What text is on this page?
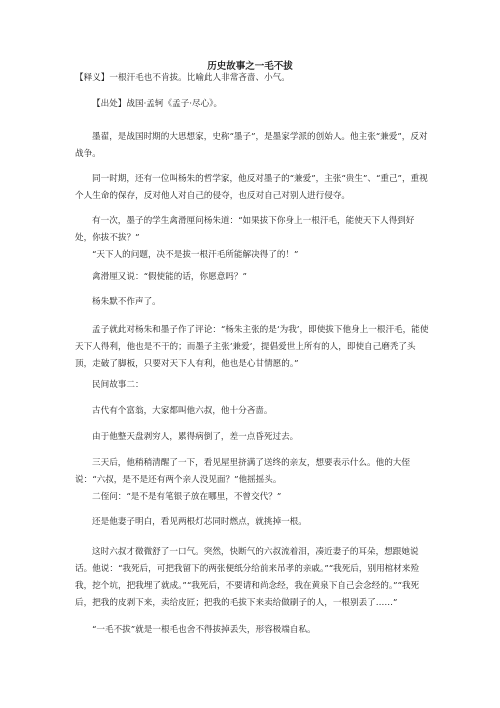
历史故事之一毛不拔
【释义】一根汗毛也不肯拔。比喻此人非常吝啬、小气。
【出处】战国·孟轲《孟子·尽心》。
墨翟，是战国时期的大思想家，史称“墨子”，是墨家学派的创始人。他主张“兼爱”，反对战争。
同一时期，还有一位叫杨朱的哲学家，他反对墨子的“兼爱”，主张“贵生”、“重己”，重视个人生命的保存，反对他人对自己的侵夺，也反对自己对别人进行侵夺。
有一次，墨子的学生禽滑厘问杨朱道：“如果拔下你身上一根汗毛，能使天下人得到好处，你拔不拔？”
“天下人的问题，决不是拔一根汗毛所能解决得了的！”
禽滑厘又说：“假使能的话，你愿意吗？”
杨朱默不作声了。
孟子就此对杨朱和墨子作了评论：“杨朱主张的是‘为我’，即使拔下他身上一根汗毛，能使天下人得利，他也是不干的；而墨子主张‘兼爱’，提倡爱世上所有的人，即使自己磨秃了头顶，走破了脚板，只要对天下人有利，他也是心甘情愿的。”
民间故事二：
古代有个富翁，大家都叫他六叔，他十分吝啬。
由于他整天盘剥穷人，累得病倒了，差一点昏死过去。
三天后，他稍稍清醒了一下，看见屋里挤满了送终的亲友，想要表示什么。他的大侄说：“六叔，是不是还有两个亲人没见面？”他摇摇头。
二侄问：“是不是有笔银子放在哪里，不曾交代？”
还是他妻子明白，看见两根灯芯同时燃点，就挑掉一根。
这时六叔才微微舒了一口气。突然，快断气的六叔流着泪，凑近妻子的耳朵，想跟她说话。他说：“我死后，可把我留下的两张便纸分给前来吊孝的亲戚。”“我死后，别用棺材来殓我，挖个坑，把我埋了就成。”“我死后，不要请和尚念经，我在黄泉下自己会念经的。”“我死后，把我的皮剥下来，卖给皮匠；把我的毛拔下来卖给做刷子的人，一根别丢了……”
“一毛不拔”就是一根毛也舍不得拔掉丢失，形容极端自私。
